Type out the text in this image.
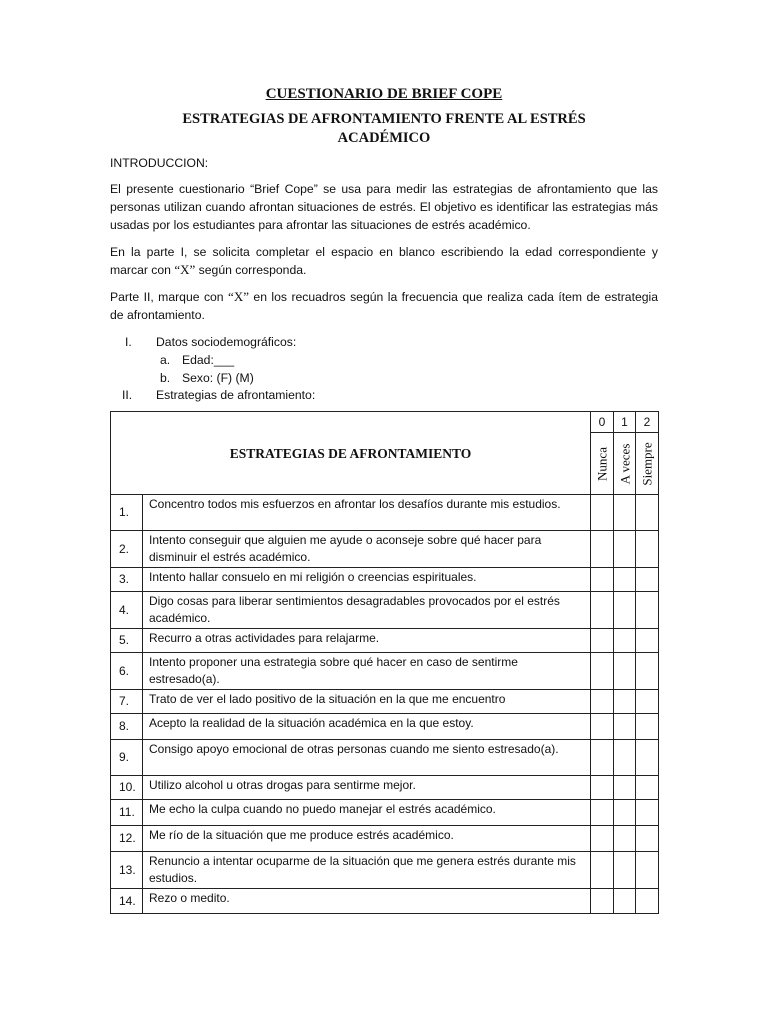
CUESTIONARIO DE BRIEF COPE
ESTRATEGIAS DE AFRONTAMIENTO FRENTE AL ESTRÉS ACADÉMICO
INTRODUCCION:
El presente cuestionario “Brief Cope” se usa para medir las estrategias de afrontamiento que las personas utilizan cuando afrontan situaciones de estrés. El objetivo es identificar las estrategias más usadas por los estudiantes para afrontar las situaciones de estrés académico.
En la parte I, se solicita completar el espacio en blanco escribiendo la edad correspondiente y marcar con “X” según corresponda.
Parte II, marque con “X” en los recuadros según la frecuencia que realiza cada ítem de estrategia de afrontamiento.
I. Datos sociodemográficos:
a. Edad:___
b. Sexo: (F) (M)
II. Estrategias de afrontamiento:
ESTRATEGIAS DE AFRONTAMIENTO		0	1	2

		Nunca	A veces	Siempre

1.	Concentro todos mis esfuerzos en afrontar los desafíos durante mis estudios.			
2.	Intento conseguir que alguien me ayude o aconseje sobre qué hacer para disminuir el estrés académico.			
3.	Intento hallar consuelo en mi religión o creencias espirituales.			
4.	Digo cosas para liberar sentimientos desagradables provocados por el estrés académico.			
5.	Recurro a otras actividades para relajarme.			
6.	Intento proponer una estrategia sobre qué hacer en caso de sentirme estresado(a).			
7.	Trato de ver el lado positivo de la situación en la que me encuentro			
8.	Acepto la realidad de la situación académica en la que estoy.			
9.	Consigo apoyo emocional de otras personas cuando me siento estresado(a).			
10.	Utilizo alcohol u otras drogas para sentirme mejor.			
11.	Me echo la culpa cuando no puedo manejar el estrés académico.			
12.	Me río de la situación que me produce estrés académico.			
13.	Renuncio a intentar ocuparme de la situación que me genera estrés durante mis estudios.			
14.	Rezo o medito.			
